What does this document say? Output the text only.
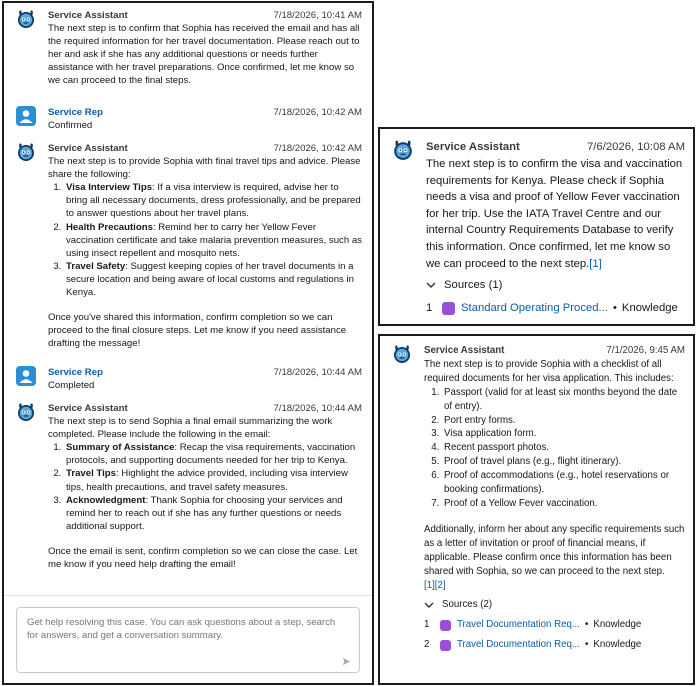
Service Assistant	7/18/2026, 10:41 AM

The next step is to confirm that Sophia has received the email and has all the required information for her travel documentation. Please reach out to her and ask if she has any additional questions or needs further assistance with her travel preparations. Once confirmed, let me know so we can proceed to the final steps.

Service Rep	7/18/2026, 10:42 AM

Confirmed

Service Assistant	7/18/2026, 10:42 AM

The next step is to provide Sophia with final travel tips and advice. Please share the following:

1. Visa Interview Tips: If a visa interview is required, advise her to bring all necessary documents, dress professionally, and be prepared to answer questions about her travel plans.
2. Health Precautions: Remind her to carry her Yellow Fever vaccination certificate and take malaria prevention measures, such as using insect repellent and mosquito nets.
3. Travel Safety: Suggest keeping copies of her travel documents in a secure location and being aware of local customs and regulations in Kenya.

Once you've shared this information, confirm completion so we can proceed to the final closure steps. Let me know if you need assistance drafting the message!

Service Rep	7/18/2026, 10:44 AM

Completed

Service Assistant	7/18/2026, 10:44 AM

The next step is to send Sophia a final email summarizing the work completed. Please include the following in the email:

1. Summary of Assistance: Recap the visa requirements, vaccination protocols, and supporting documents needed for her trip to Kenya.
2. Travel Tips: Highlight the advice provided, including visa interview tips, health precautions, and travel safety measures.
3. Acknowledgment: Thank Sophia for choosing your services and remind her to reach out if she has any further questions or needs additional support.

Once the email is sent, confirm completion so we can close the case. Let me know if you need help drafting the email!

Get help resolving this case. You can ask questions about a step, search for answers, and get a conversation summary.
Service Assistant	7/6/2026, 10:08 AM

The next step is to confirm the visa and vaccination requirements for Kenya. Please check if Sophia needs a visa and proof of Yellow Fever vaccination for her trip. Use the IATA Travel Centre and our internal Country Requirements Database to verify this information. Once confirmed, let me know so we can proceed to the next step.[1]

Sources (1)
1	Standard Operating Proced... • Knowledge
Service Assistant	7/1/2026, 9:45 AM

The next step is to provide Sophia with a checklist of all required documents for her visa application. This includes:

1. Passport (valid for at least six months beyond the date of entry).
2. Port entry forms.
3. Visa application form.
4. Recent passport photos.
5. Proof of travel plans (e.g., flight itinerary).
6. Proof of accommodations (e.g., hotel reservations or booking confirmations).
7. Proof of a Yellow Fever vaccination.

Additionally, inform her about any specific requirements such as a letter of invitation or proof of financial means, if applicable. Please confirm once this information has been shared with Sophia, so we can proceed to the next step.

[1][2]

Sources (2)
1	Travel Documentation Req... • Knowledge
2	Travel Documentation Req... • Knowledge
